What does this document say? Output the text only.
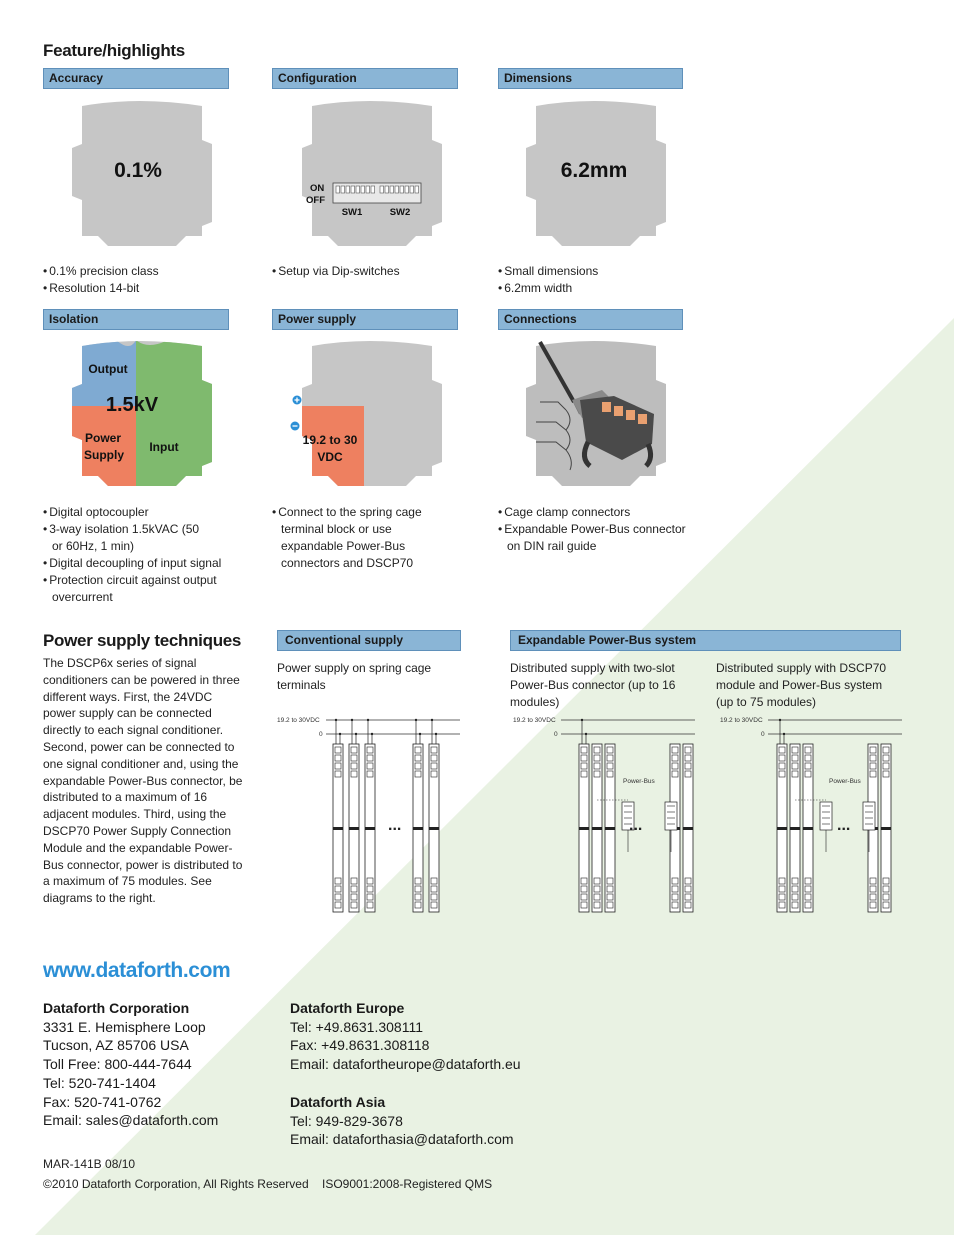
Feature/highlights
Accuracy
0.1%
• 0.1% precision class
• Resolution 14-bit
Configuration
ON
OFF
SW1	SW2
• Setup via Dip-switches
Dimensions
6.2mm
• Small dimensions
• 6.2mm width
Isolation
Output
1.5kV
Power
Supply
Input
• Digital optocoupler
• 3-way isolation 1.5kVAC (50 or 60Hz, 1 min)
• Digital decoupling of input signal
• Protection circuit against output overcurrent
Power supply
19.2 to 30
VDC
• Connect to the spring cage terminal block or use expandable Power-Bus connectors and DSCP70
Connections
• Cage clamp connectors
• Expandable Power-Bus connector on DIN rail guide
Power supply techniques
The DSCP6x series of signal conditioners can be powered in three different ways. First, the 24VDC power supply can be connected directly to each signal conditioner. Second, power can be connected to one signal conditioner and, using the expandable Power-Bus connector, be distributed to a maximum of 16 adjacent modules. Third, using the DSCP70 Power Supply Connection Module and the expandable Power-Bus connector, power is distributed to a maximum of 75 modules. See diagrams to the right.
Conventional supply
Power supply on spring cage terminals
Expandable Power-Bus system
Distributed supply with two-slot Power-Bus connector (up to 16 modules)
Distributed supply with DSCP70 module and Power-Bus system (up to 75 modules)
19.2 to 30VDC
0
...
19.2 to 30VDC
0
Power-Bus
...
19.2 to 30VDC
0
Power-Bus
...
www.dataforth.com
Dataforth Corporation
3331 E. Hemisphere Loop
Tucson, AZ 85706 USA
Toll Free: 800-444-7644
Tel: 520-741-1404
Fax: 520-741-0762
Email: sales@dataforth.com
Dataforth Europe
Tel: +49.8631.308111
Fax: +49.8631.308118
Email: datafortheurope@dataforth.eu
Dataforth Asia
Tel: 949-829-3678
Email: dataforthasia@dataforth.com
MAR-141B 08/10
©2010 Dataforth Corporation, All Rights Reserved    ISO9001:2008-Registered QMS
